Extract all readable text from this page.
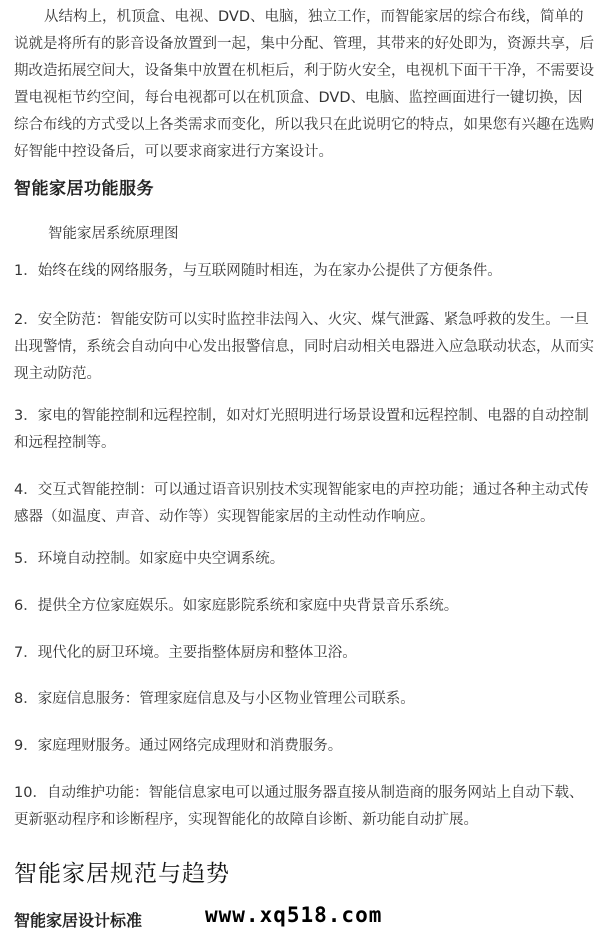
从结构上，机顶盒、电视、DVD、电脑，独立工作，而智能家居的综合布线，简单的
说就是将所有的影音设备放置到一起，集中分配、管理，其带来的好处即为，资源共享，后
期改造拓展空间大，设备集中放置在机柜后，利于防火安全，电视机下面干干净，不需要设
置电视柜节约空间，每台电视都可以在机顶盒、DVD、电脑、监控画面进行一键切换，因
综合布线的方式受以上各类需求而变化，所以我只在此说明它的特点，如果您有兴趣在选购
好智能中控设备后，可以要求商家进行方案设计。
智能家居功能服务
智能家居系统原理图
1．始终在线的网络服务，与互联网随时相连，为在家办公提供了方便条件。
2．安全防范：智能安防可以实时监控非法闯入、火灾、煤气泄露、紧急呼救的发生。一旦
出现警情，系统会自动向中心发出报警信息，同时启动相关电器进入应急联动状态，从而实
现主动防范。
3．家电的智能控制和远程控制，如对灯光照明进行场景设置和远程控制、电器的自动控制
和远程控制等。
4．交互式智能控制：可以通过语音识别技术实现智能家电的声控功能；通过各种主动式传
感器（如温度、声音、动作等）实现智能家居的主动性动作响应。
5．环境自动控制。如家庭中央空调系统。
6．提供全方位家庭娱乐。如家庭影院系统和家庭中央背景音乐系统。
7．现代化的厨卫环境。主要指整体厨房和整体卫浴。
8．家庭信息服务：管理家庭信息及与小区物业管理公司联系。
9．家庭理财服务。通过网络完成理财和消费服务。
10．自动维护功能：智能信息家电可以通过服务器直接从制造商的服务网站上自动下载、
更新驱动程序和诊断程序，实现智能化的故障自诊断、新功能自动扩展。
智能家居规范与趋势
智能家居设计标准	www.xq518.com
